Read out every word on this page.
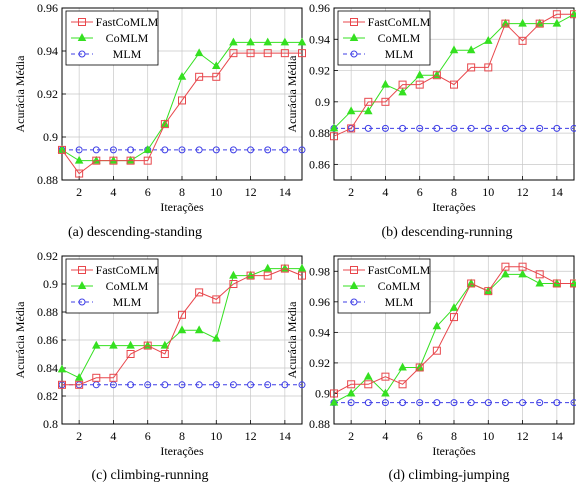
2 4 6 8 10 12 14
0.88
0.9
0.92
0.94
0.96
Iterações
Acurácia Média
FastCoMLM
CoMLM
MLM
(a) descending-standing
2 4 6 8 10 12 14
0.86
0.88
0.9
0.92
0.94
0.96
Iterações
Acurácia Média
FastCoMLM
CoMLM
MLM
(b) descending-running
2 4 6 8 10 12 14
0.8
0.82
0.84
0.86
0.88
0.9
0.92
Iterações
Acurácia Média
FastCoMLM
CoMLM
MLM
(c) climbing-running
2 4 6 8 10 12 14
0.88
0.9
0.92
0.94
0.96
0.98
Iterações
Acurácia Média
FastCoMLM
CoMLM
MLM
(d) climbing-jumping
